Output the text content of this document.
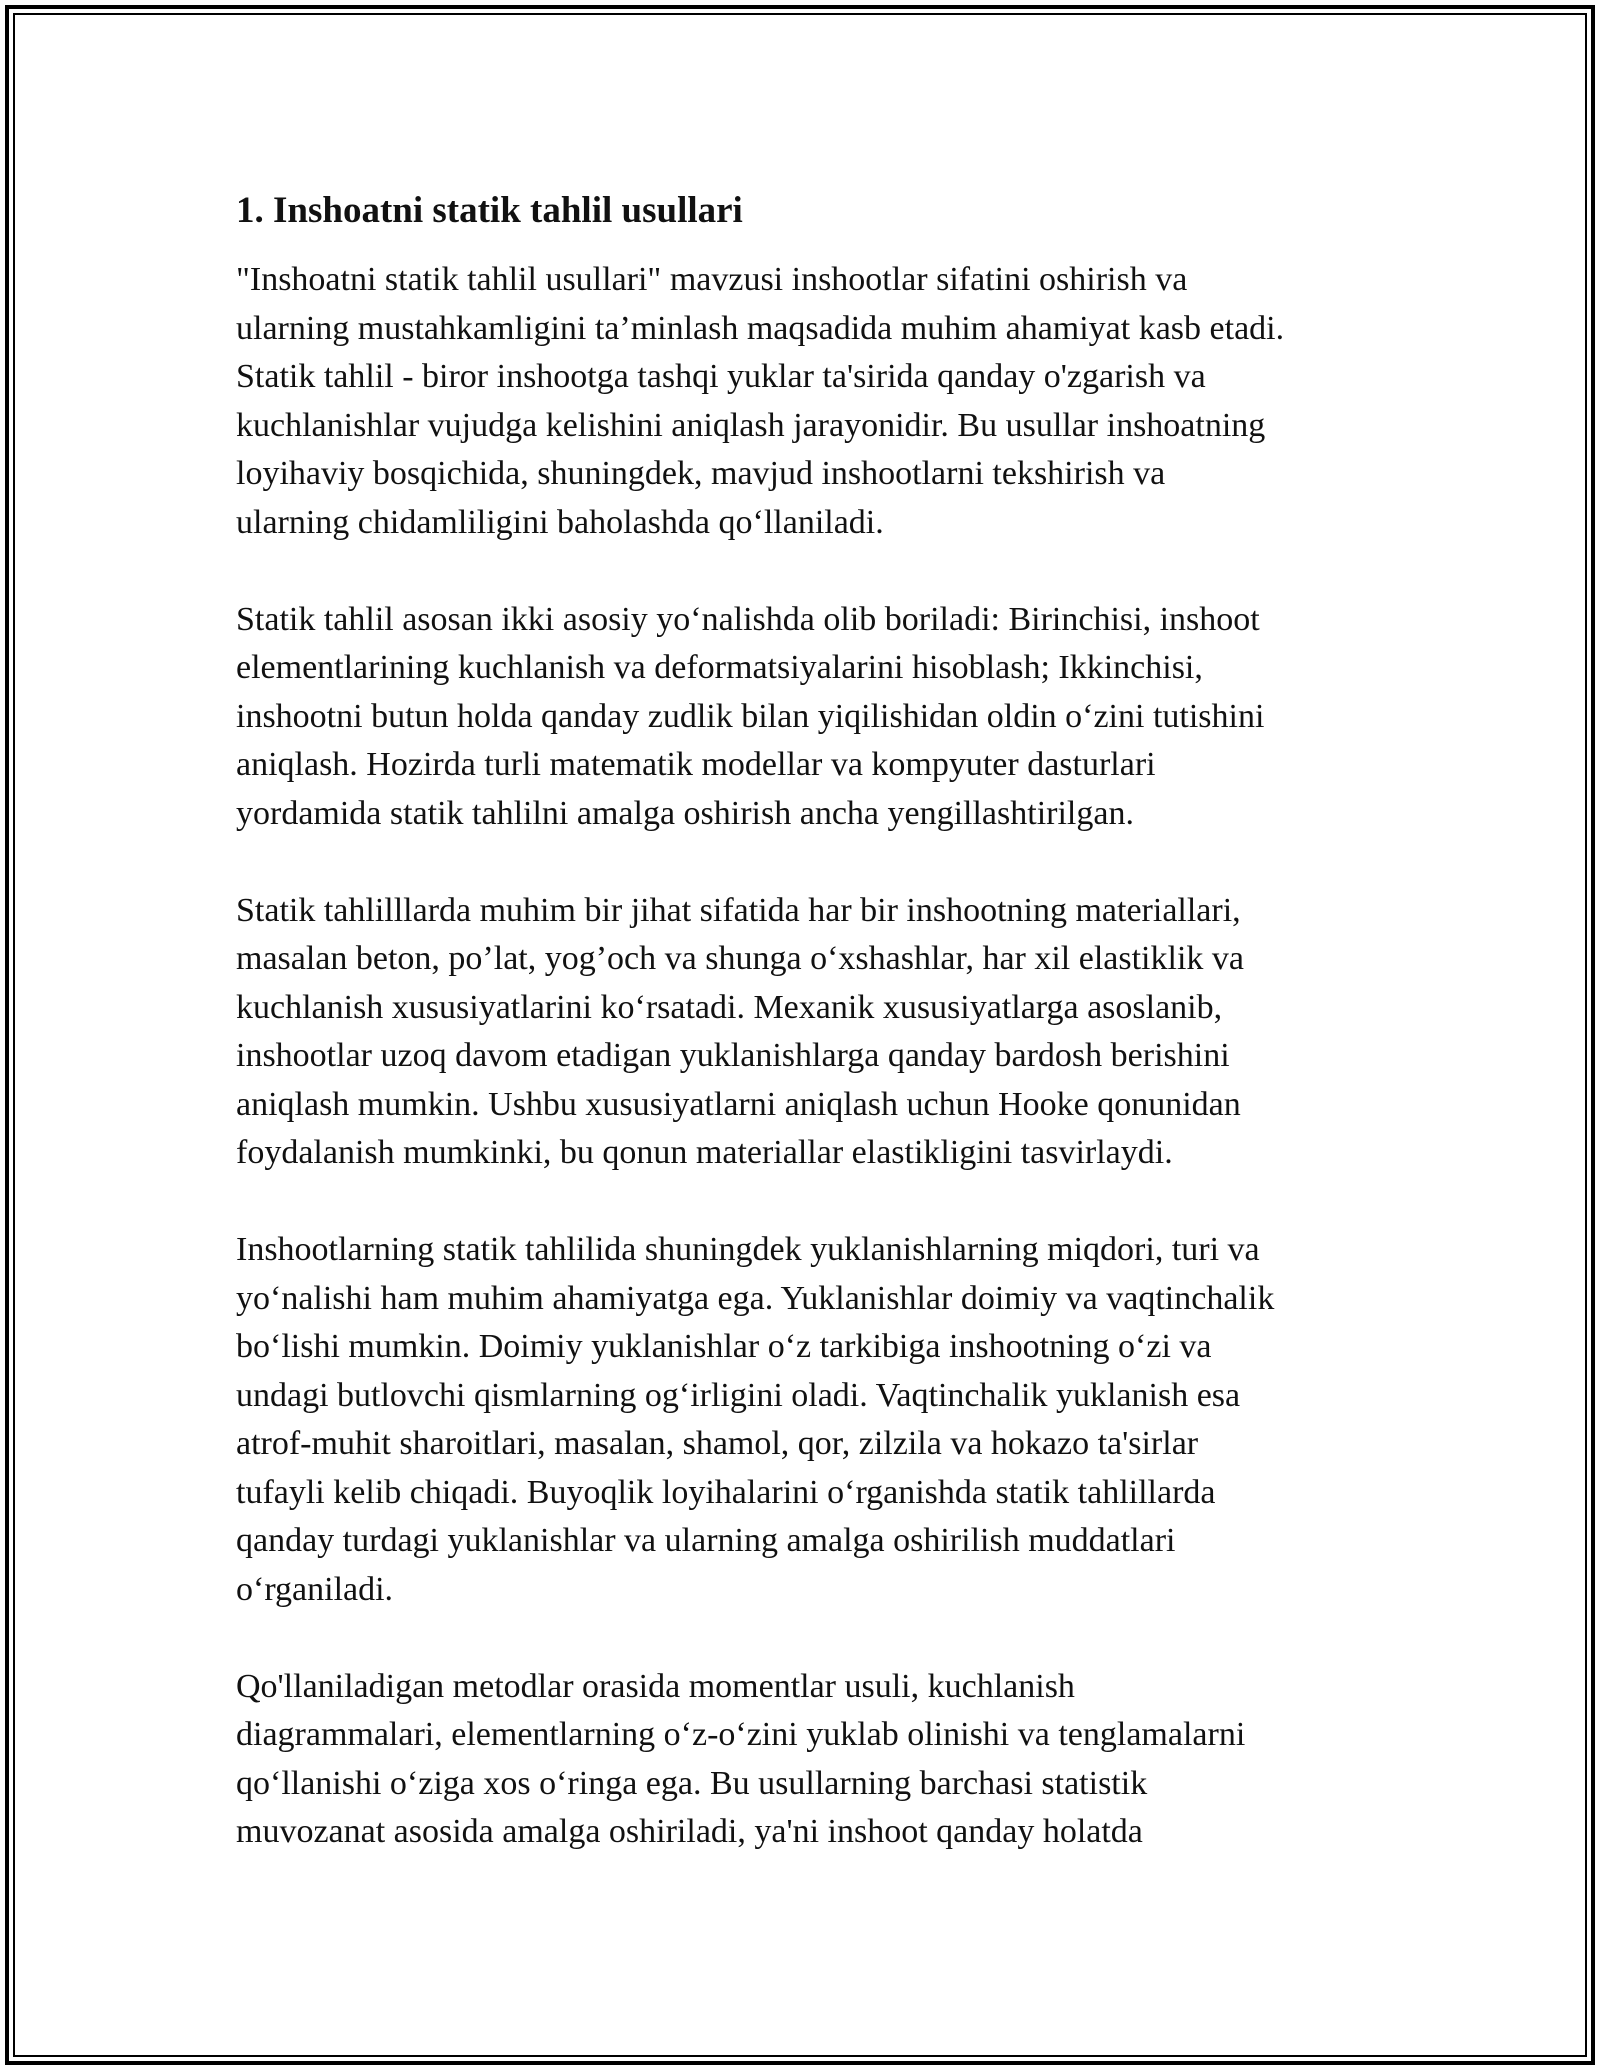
1. Inshoatni statik tahlil usullari
"Inshoatni statik tahlil usullari" mavzusi inshootlar sifatini oshirish va
ularning mustahkamligini ta’minlash maqsadida muhim ahamiyat kasb etadi.
Statik tahlil - biror inshootga tashqi yuklar ta'sirida qanday o'zgarish va
kuchlanishlar vujudga kelishini aniqlash jarayonidir. Bu usullar inshoatning
loyihaviy bosqichida, shuningdek, mavjud inshootlarni tekshirish va
ularning chidamliligini baholashda qo‘llaniladi.
Statik tahlil asosan ikki asosiy yo‘nalishda olib boriladi: Birinchisi, inshoot
elementlarining kuchlanish va deformatsiyalarini hisoblash; Ikkinchisi,
inshootni butun holda qanday zudlik bilan yiqilishidan oldin o‘zini tutishini
aniqlash. Hozirda turli matematik modellar va kompyuter dasturlari
yordamida statik tahlilni amalga oshirish ancha yengillashtirilgan.
Statik tahlilllarda muhim bir jihat sifatida har bir inshootning materiallari,
masalan beton, po’lat, yog’och va shunga o‘xshashlar, har xil elastiklik va
kuchlanish xususiyatlarini ko‘rsatadi. Mexanik xususiyatlarga asoslanib,
inshootlar uzoq davom etadigan yuklanishlarga qanday bardosh berishini
aniqlash mumkin. Ushbu xususiyatlarni aniqlash uchun Hooke qonunidan
foydalanish mumkinki, bu qonun materiallar elastikligini tasvirlaydi.
Inshootlarning statik tahlilida shuningdek yuklanishlarning miqdori, turi va
yo‘nalishi ham muhim ahamiyatga ega. Yuklanishlar doimiy va vaqtinchalik
bo‘lishi mumkin. Doimiy yuklanishlar o‘z tarkibiga inshootning o‘zi va
undagi butlovchi qismlarning og‘irligini oladi. Vaqtinchalik yuklanish esa
atrof-muhit sharoitlari, masalan, shamol, qor, zilzila va hokazo ta'sirlar
tufayli kelib chiqadi. Buyoqlik loyihalarini o‘rganishda statik tahlillarda
qanday turdagi yuklanishlar va ularning amalga oshirilish muddatlari
o‘rganiladi.
Qo'llaniladigan metodlar orasida momentlar usuli, kuchlanish
diagrammalari, elementlarning o‘z-o‘zini yuklab olinishi va tenglamalarni
qo‘llanishi o‘ziga xos o‘ringa ega. Bu usullarning barchasi statistik
muvozanat asosida amalga oshiriladi, ya'ni inshoot qanday holatda
